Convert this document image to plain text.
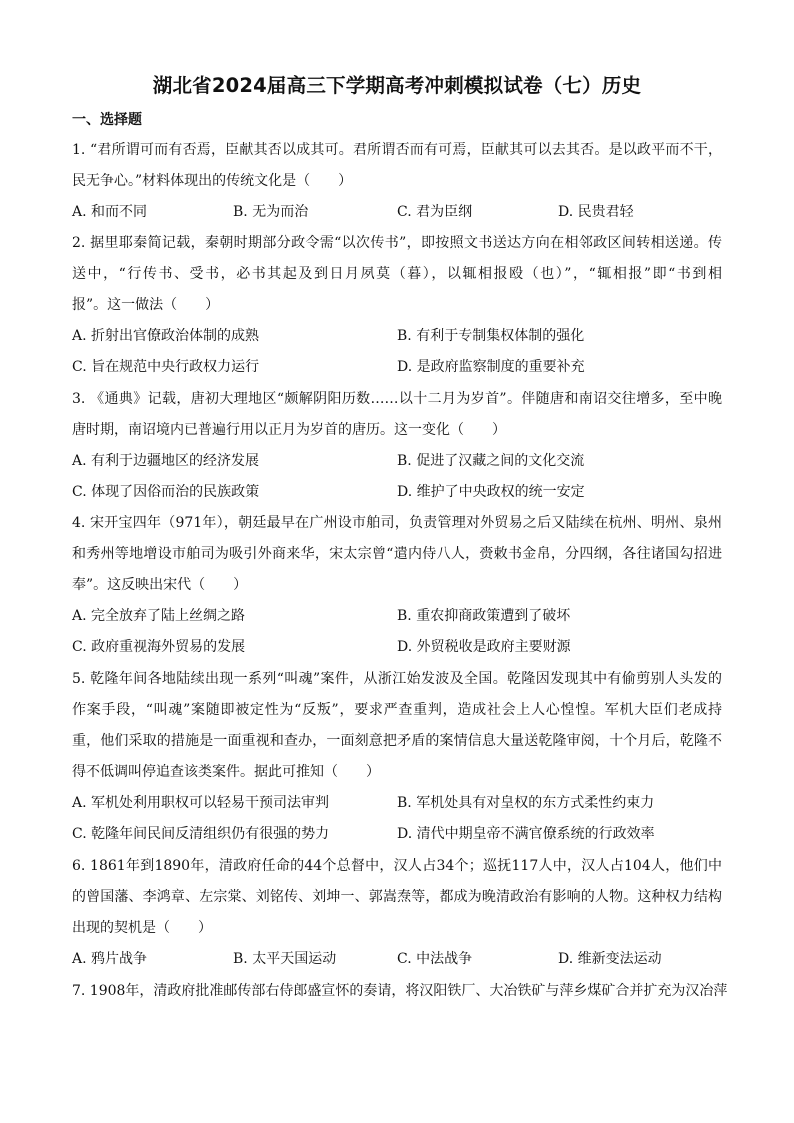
湖北省2024届高三下学期高考冲刺模拟试卷（七）历史
一、选择题
1. “君所谓可而有否焉，臣献其否以成其可。君所谓否而有可焉，臣献其可以去其否。是以政平而不干，
民无争心。”材料体现出的传统文化是（　　）
A. 和而不同	B. 无为而治	C. 君为臣纲	D. 民贵君轻
2. 据里耶秦简记载，秦朝时期部分政令需“以次传书”，即按照文书送达方向在相邻政区间转相送递。传
送中，“行传书、受书，必书其起及到日月夙莫（暮），以辄相报殴（也）”，“辄相报”即“书到相
报”。这一做法（　　）
A. 折射出官僚政治体制的成熟	B. 有利于专制集权体制的强化
C. 旨在规范中央行政权力运行	D. 是政府监察制度的重要补充
3. 《通典》记载，唐初大理地区“颇解阴阳历数……以十二月为岁首”。伴随唐和南诏交往增多，至中晚
唐时期，南诏境内已普遍行用以正月为岁首的唐历。这一变化（　　）
A. 有利于边疆地区的经济发展	B. 促进了汉藏之间的文化交流
C. 体现了因俗而治的民族政策	D. 维护了中央政权的统一安定
4. 宋开宝四年（971年），朝廷最早在广州设市舶司，负责管理对外贸易之后又陆续在杭州、明州、泉州
和秀州等地增设市舶司为吸引外商来华，宋太宗曾“遣内侍八人，赍敕书金帛，分四纲，各往诸国勾招进
奉”。这反映出宋代（　　）
A. 完全放弃了陆上丝绸之路	B. 重农抑商政策遭到了破坏
C. 政府重视海外贸易的发展	D. 外贸税收是政府主要财源
5. 乾隆年间各地陆续出现一系列“叫魂”案件，从浙江始发波及全国。乾隆因发现其中有偷剪别人头发的
作案手段，“叫魂”案随即被定性为“反叛”，要求严查重判，造成社会上人心惶惶。军机大臣们老成持
重，他们采取的措施是一面重视和查办，一面刻意把矛盾的案情信息大量送乾隆审阅，十个月后，乾隆不
得不低调叫停追查该类案件。据此可推知（　　）
A. 军机处利用职权可以轻易干预司法审判	B. 军机处具有对皇权的东方式柔性约束力
C. 乾隆年间民间反清组织仍有很强的势力	D. 清代中期皇帝不满官僚系统的行政效率
6. 1861年到1890年，清政府任命的44个总督中，汉人占34个；巡抚117人中，汉人占104人，他们中
的曾国藩、李鸿章、左宗棠、刘铭传、刘坤一、郭嵩焘等，都成为晚清政治有影响的人物。这种权力结构
出现的契机是（　　）
A. 鸦片战争	B. 太平天国运动	C. 中法战争	D. 维新变法运动
7. 1908年，清政府批准邮传部右侍郎盛宣怀的奏请，将汉阳铁厂、大冶铁矿与萍乡煤矿合并扩充为汉冶萍
